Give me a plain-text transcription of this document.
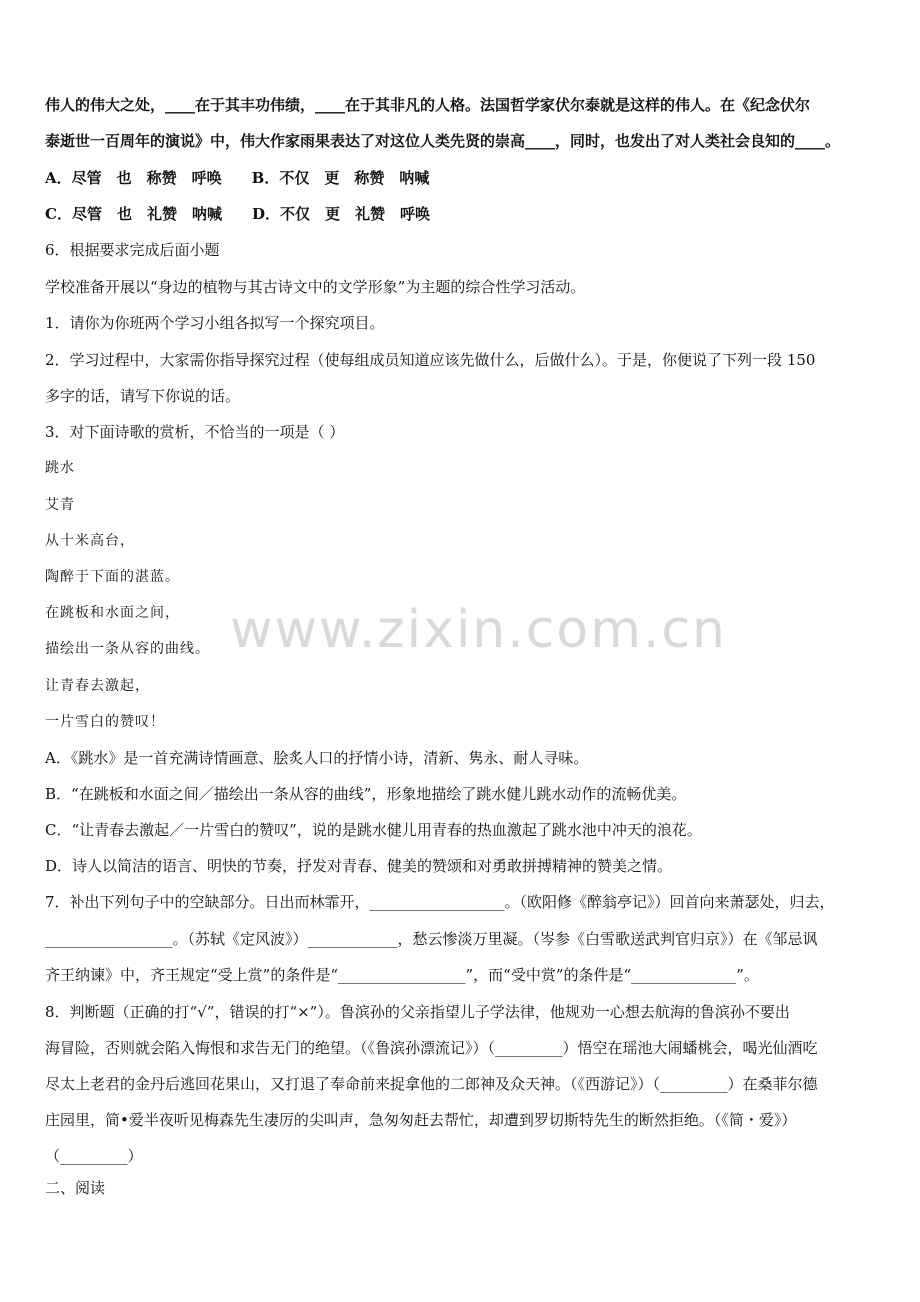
www.zixin.com.cn
伟人的伟大之处，____在于其丰功伟绩，____在于其非凡的人格。法国哲学家伏尔泰就是这样的伟人。在《纪念伏尔
泰逝世一百周年的演说》中，伟大作家雨果表达了对这位人类先贤的崇高____，同时，也发出了对人类社会良知的____。
A．尽管　也　称赞　呼唤　　B．不仅　更　称赞　呐喊
C．尽管　也　礼赞　呐喊　　D．不仅　更　礼赞　呼唤
6．根据要求完成后面小题
学校准备开展以“身边的植物与其古诗文中的文学形象”为主题的综合性学习活动。
1．请你为你班两个学习小组各拟写一个探究项目。
2．学习过程中，大家需你指导探究过程（使每组成员知道应该先做什么，后做什么）。于是，你便说了下列一段 150
多字的话，请写下你说的话。
3．对下面诗歌的赏析，不恰当的一项是（ ）
跳水
艾青
从十米高台，
陶醉于下面的湛蓝。
在跳板和水面之间，
描绘出一条从容的曲线。
让青春去激起，
一片雪白的赞叹！
A．《跳水》是一首充满诗情画意、脍炙人口的抒情小诗，清新、隽永、耐人寻味。
B．“在跳板和水面之间／描绘出一条从容的曲线”，形象地描绘了跳水健儿跳水动作的流畅优美。
C．“让青春去激起／一片雪白的赞叹”，说的是跳水健儿用青春的热血激起了跳水池中冲天的浪花。
D．诗人以简洁的语言、明快的节奏，抒发对青春、健美的赞颂和对勇敢拼搏精神的赞美之情。
7．补出下列句子中的空缺部分。日出而林霏开，__________________。（欧阳修《醉翁亭记》）回首向来萧瑟处，归去，
_________________。（苏轼《定风波》）____________，愁云惨淡万里凝。（岑参《白雪歌送武判官归京》）在《邹忌讽
齐王纳谏》中，齐王规定“受上赏”的条件是“_________________”，而“受中赏”的条件是“______________”。
8．判断题（正确的打“√”，错误的打“×”）。鲁滨孙的父亲指望儿子学法律，他规劝一心想去航海的鲁滨孙不要出
海冒险，否则就会陷入悔恨和求告无门的绝望。（《鲁滨孙漂流记》）（_________）悟空在瑶池大闹蟠桃会，喝光仙酒吃
尽太上老君的金丹后逃回花果山，又打退了奉命前来捉拿他的二郎神及众天神。（《西游记》）（_________）在桑菲尔德
庄园里，简•爱半夜听见梅森先生凄厉的尖叫声，急匆匆赶去帮忙，却遭到罗切斯特先生的断然拒绝。（《简・爱》）
（_________）
二、阅读
